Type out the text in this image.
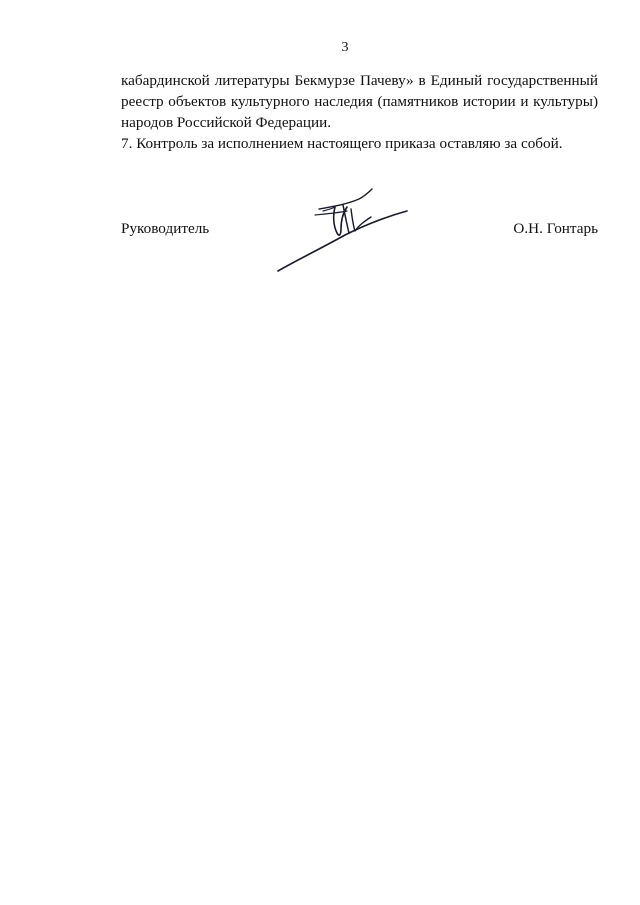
3

кабардинской литературы Бекмурзе Пачеву» в Единый государственный реестр объектов культурного наследия (памятников истории и культуры) народов Российской Федерации.

7. Контроль за исполнением настоящего приказа оставляю за собой.

Руководитель	О.Н. Гонтарь
